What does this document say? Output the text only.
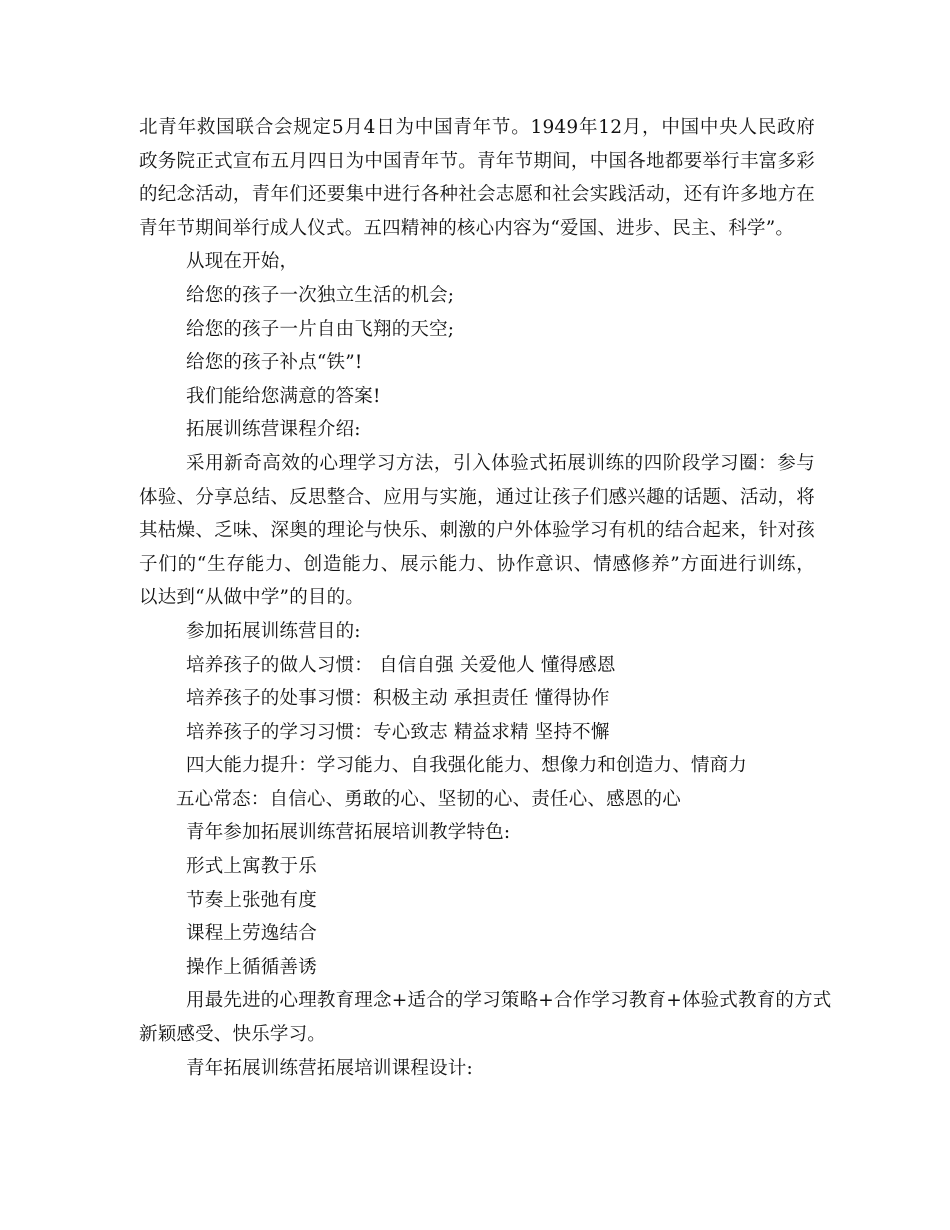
北青年救国联合会规定5月4日为中国青年节。1949年12月，中国中央人民政府
政务院正式宣布五月四日为中国青年节。青年节期间，中国各地都要举行丰富多彩
的纪念活动，青年们还要集中进行各种社会志愿和社会实践活动，还有许多地方在
青年节期间举行成人仪式。五四精神的核心内容为“爱国、进步、民主、科学”。
从现在开始，
给您的孩子一次独立生活的机会;
给您的孩子一片自由飞翔的天空;
给您的孩子补点“铁”!
我们能给您满意的答案!
拓展训练营课程介绍:
采用新奇高效的心理学习方法，引入体验式拓展训练的四阶段学习圈：参与
体验、分享总结、反思整合、应用与实施，通过让孩子们感兴趣的话题、活动，将
其枯燥、乏味、深奥的理论与快乐、刺激的户外体验学习有机的结合起来，针对孩
子们的“生存能力、创造能力、展示能力、协作意识、情感修养”方面进行训练，
以达到“从做中学”的目的。
参加拓展训练营目的:
培养孩子的做人习惯： 自信自强 关爱他人 懂得感恩
培养孩子的处事习惯：积极主动 承担责任 懂得协作
培养孩子的学习习惯：专心致志 精益求精 坚持不懈
四大能力提升：学习能力、自我强化能力、想像力和创造力、情商力
五心常态：自信心、勇敢的心、坚韧的心、责任心、感恩的心
青年参加拓展训练营拓展培训教学特色:
形式上寓教于乐
节奏上张弛有度
课程上劳逸结合
操作上循循善诱
用最先进的心理教育理念+适合的学习策略+合作学习教育+体验式教育的方式
新颖感受、快乐学习。
青年拓展训练营拓展培训课程设计:
